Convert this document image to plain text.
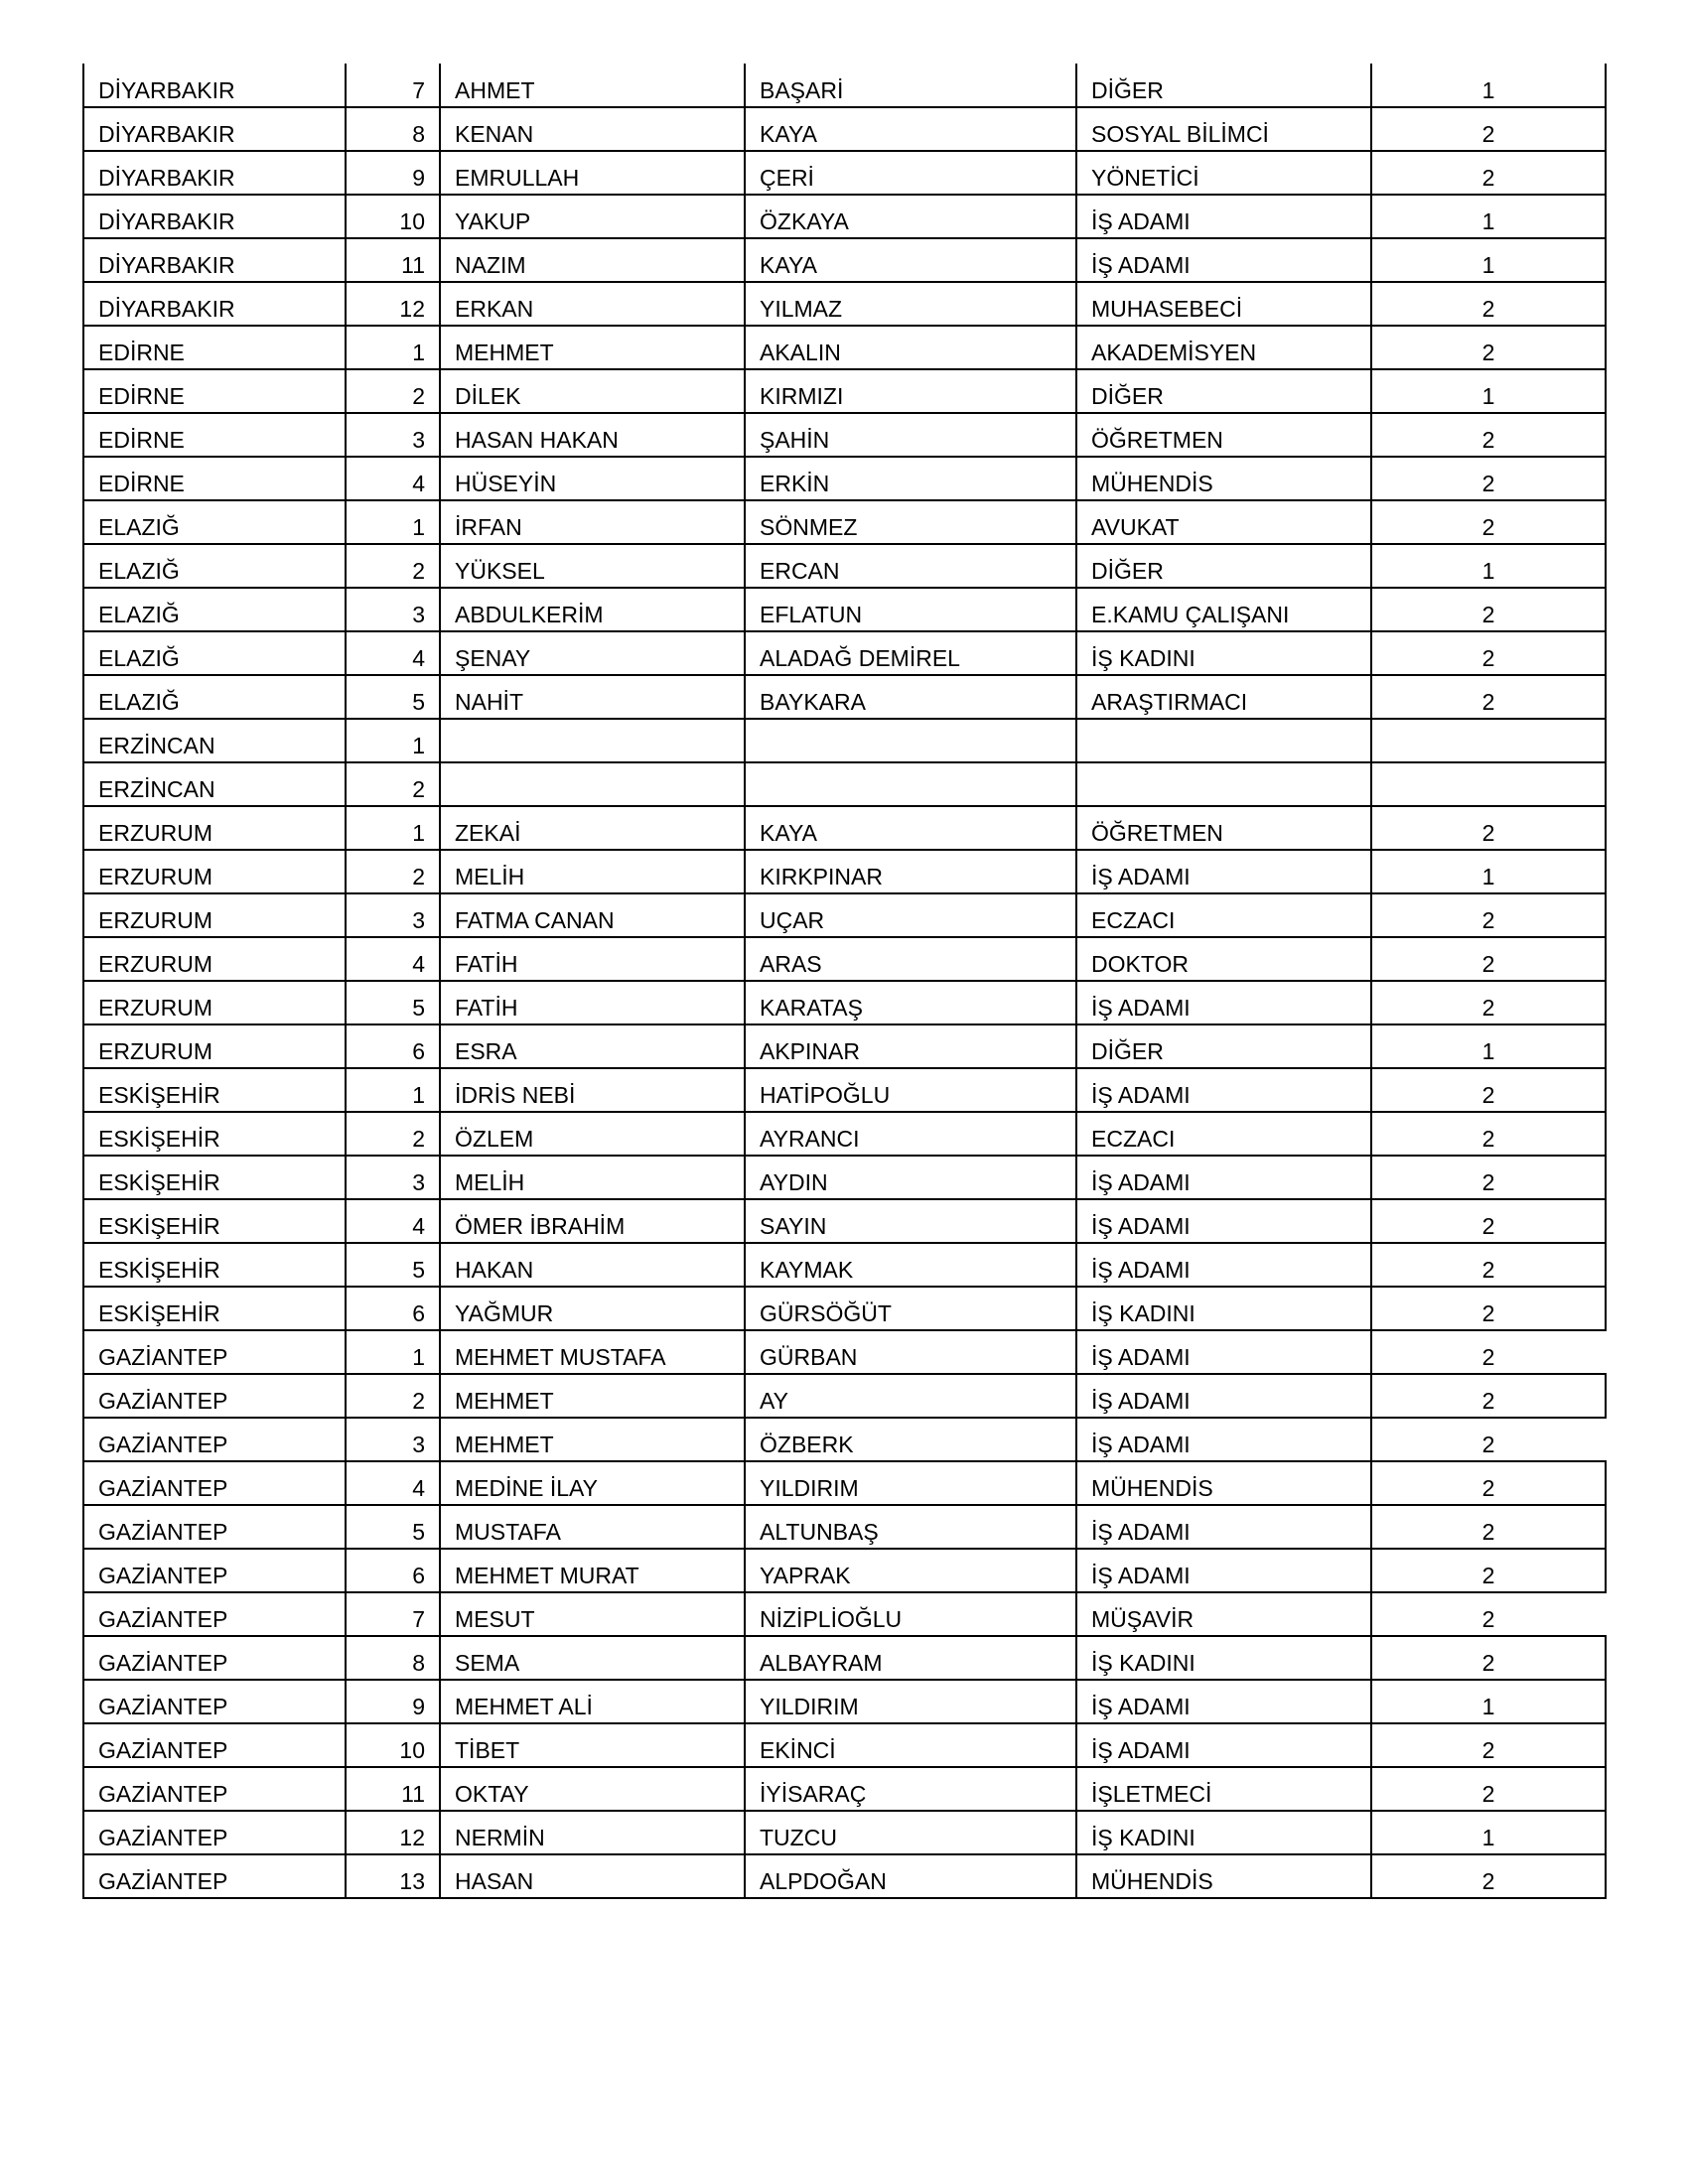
DİYARBAKIR	7	AHMET	BAŞARİ	DİĞER	1
DİYARBAKIR	8	KENAN	KAYA	SOSYAL BİLİMCİ	2
DİYARBAKIR	9	EMRULLAH	ÇERİ	YÖNETİCİ	2
DİYARBAKIR	10	YAKUP	ÖZKAYA	İŞ ADAMI	1
DİYARBAKIR	11	NAZIM	KAYA	İŞ ADAMI	1
DİYARBAKIR	12	ERKAN	YILMAZ	MUHASEBECİ	2
EDİRNE	1	MEHMET	AKALIN	AKADEMİSYEN	2
EDİRNE	2	DİLEK	KIRMIZI	DİĞER	1
EDİRNE	3	HASAN HAKAN	ŞAHİN	ÖĞRETMEN	2
EDİRNE	4	HÜSEYİN	ERKİN	MÜHENDİS	2
ELAZIĞ	1	İRFAN	SÖNMEZ	AVUKAT	2
ELAZIĞ	2	YÜKSEL	ERCAN	DİĞER	1
ELAZIĞ	3	ABDULKERİM	EFLATUN	E.KAMU ÇALIŞANI	2
ELAZIĞ	4	ŞENAY	ALADAĞ DEMİREL	İŞ KADINI	2
ELAZIĞ	5	NAHİT	BAYKARA	ARAŞTIRMACI	2
ERZİNCAN	1				
ERZİNCAN	2				
ERZURUM	1	ZEKAİ	KAYA	ÖĞRETMEN	2
ERZURUM	2	MELİH	KIRKPINAR	İŞ ADAMI	1
ERZURUM	3	FATMA CANAN	UÇAR	ECZACI	2
ERZURUM	4	FATİH	ARAS	DOKTOR	2
ERZURUM	5	FATİH	KARATAŞ	İŞ ADAMI	2
ERZURUM	6	ESRA	AKPINAR	DİĞER	1
ESKİŞEHİR	1	İDRİS NEBİ	HATİPOĞLU	İŞ ADAMI	2
ESKİŞEHİR	2	ÖZLEM	AYRANCI	ECZACI	2
ESKİŞEHİR	3	MELİH	AYDIN	İŞ ADAMI	2
ESKİŞEHİR	4	ÖMER İBRAHİM	SAYIN	İŞ ADAMI	2
ESKİŞEHİR	5	HAKAN	KAYMAK	İŞ ADAMI	2
ESKİŞEHİR	6	YAĞMUR	GÜRSÖĞÜT	İŞ KADINI	2
GAZİANTEP	1	MEHMET MUSTAFA	GÜRBAN	İŞ ADAMI	2
GAZİANTEP	2	MEHMET	AY	İŞ ADAMI	2
GAZİANTEP	3	MEHMET	ÖZBERK	İŞ ADAMI	2
GAZİANTEP	4	MEDİNE İLAY	YILDIRIM	MÜHENDİS	2
GAZİANTEP	5	MUSTAFA	ALTUNBAŞ	İŞ ADAMI	2
GAZİANTEP	6	MEHMET MURAT	YAPRAK	İŞ ADAMI	2
GAZİANTEP	7	MESUT	NİZİPLİOĞLU	MÜŞAVİR	2
GAZİANTEP	8	SEMA	ALBAYRAM	İŞ KADINI	2
GAZİANTEP	9	MEHMET ALİ	YILDIRIM	İŞ ADAMI	1
GAZİANTEP	10	TİBET	EKİNCİ	İŞ ADAMI	2
GAZİANTEP	11	OKTAY	İYİSARAÇ	İŞLETMECİ	2
GAZİANTEP	12	NERMİN	TUZCU	İŞ KADINI	1
GAZİANTEP	13	HASAN	ALPDOĞAN	MÜHENDİS	2
